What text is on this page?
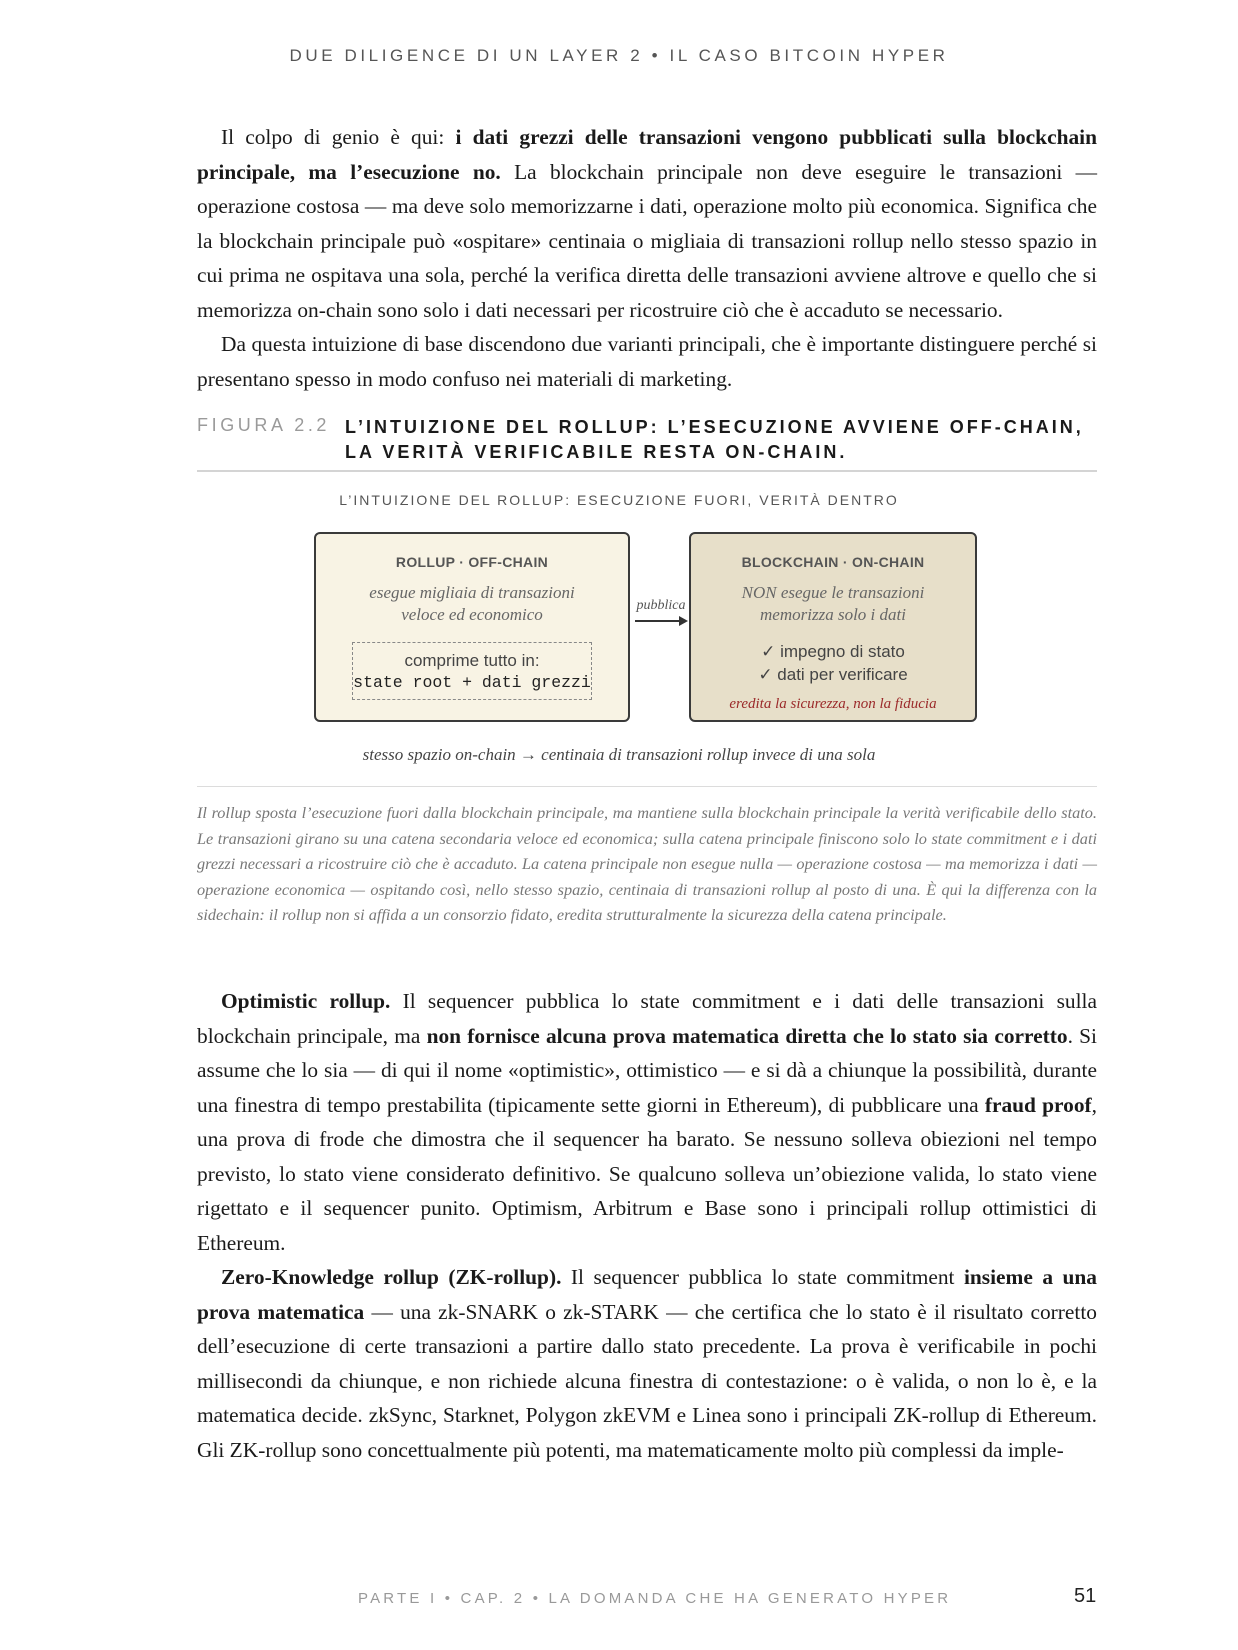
DUE DILIGENCE DI UN LAYER 2 • IL CASO BITCOIN HYPER

Il colpo di genio è qui: i dati grezzi delle transazioni vengono pubblicati sulla blockchain principale, ma l’esecuzione no. La blockchain principale non deve eseguire le transazioni — operazione costosa — ma deve solo memorizzarne i dati, operazione molto più economica. Significa che la blockchain principale può «ospitare» centinaia o migliaia di transazioni rollup nello stesso spazio in cui prima ne ospitava una sola, perché la verifica diretta delle transazioni avviene altrove e quello che si memorizza on-chain sono solo i dati necessari per ricostruire ciò che è accaduto se necessario.

Da questa intuizione di base discendono due varianti principali, che è importante distinguere perché si presentano spesso in modo confuso nei materiali di marketing.

FIGURA 2.2 L’INTUIZIONE DEL ROLLUP: L’ESECUZIONE AVVIENE OFF-CHAIN, LA VERITÀ VERIFICABILE RESTA ON-CHAIN.
L’INTUIZIONE DEL ROLLUP: ESECUZIONE FUORI, VERITÀ DENTRO
ROLLUP · OFF-CHAIN
esegue migliaia di transazioni
veloce ed economico
comprime tutto in:
state root + dati grezzi
pubblica
BLOCKCHAIN · ON-CHAIN
NON esegue le transazioni
memorizza solo i dati
✓ impegno di stato
✓ dati per verificare
eredita la sicurezza, non la fiducia
stesso spazio on-chain → centinaia di transazioni rollup invece di una sola
Il rollup sposta l’esecuzione fuori dalla blockchain principale, ma mantiene sulla blockchain principale la verità verificabile dello stato. Le transazioni girano su una catena secondaria veloce ed economica; sulla catena principale finiscono solo lo state commitment e i dati grezzi necessari a ricostruire ciò che è accaduto. La catena principale non esegue nulla — operazione costosa — ma memorizza i dati — operazione economica — ospitando così, nello stesso spazio, centinaia di transazioni rollup al posto di una. È qui la differenza con la sidechain: il rollup non si affida a un consorzio fidato, eredita strutturalmente la sicurezza della catena principale.

Optimistic rollup. Il sequencer pubblica lo state commitment e i dati delle transazioni sulla blockchain principale, ma non fornisce alcuna prova matematica diretta che lo stato sia corretto. Si assume che lo sia — di qui il nome «optimistic», ottimistico — e si dà a chiunque la possibilità, durante una finestra di tempo prestabilita (tipicamente sette giorni in Ethereum), di pubblicare una fraud proof, una prova di frode che dimostra che il sequencer ha barato. Se nessuno solleva obiezioni nel tempo previsto, lo stato viene considerato definitivo. Se qualcuno solleva un’obiezione valida, lo stato viene rigettato e il sequencer punito. Optimism, Arbitrum e Base sono i principali rollup ottimistici di Ethereum.

Zero-Knowledge rollup (ZK-rollup). Il sequencer pubblica lo state commitment insieme a una prova matematica — una zk-SNARK o zk-STARK — che certifica che lo stato è il risultato corretto dell’esecuzione di certe transazioni a partire dallo stato precedente. La prova è verificabile in pochi millisecondi da chiunque, e non richiede alcuna finestra di contestazione: o è valida, o non lo è, e la matematica decide. zkSync, Starknet, Polygon zkEVM e Linea sono i principali ZK-rollup di Ethereum. Gli ZK-rollup sono concettualmente più potenti, ma matematicamente molto più complessi da imple-

PARTE I • CAP. 2 • LA DOMANDA CHE HA GENERATO HYPER	51
